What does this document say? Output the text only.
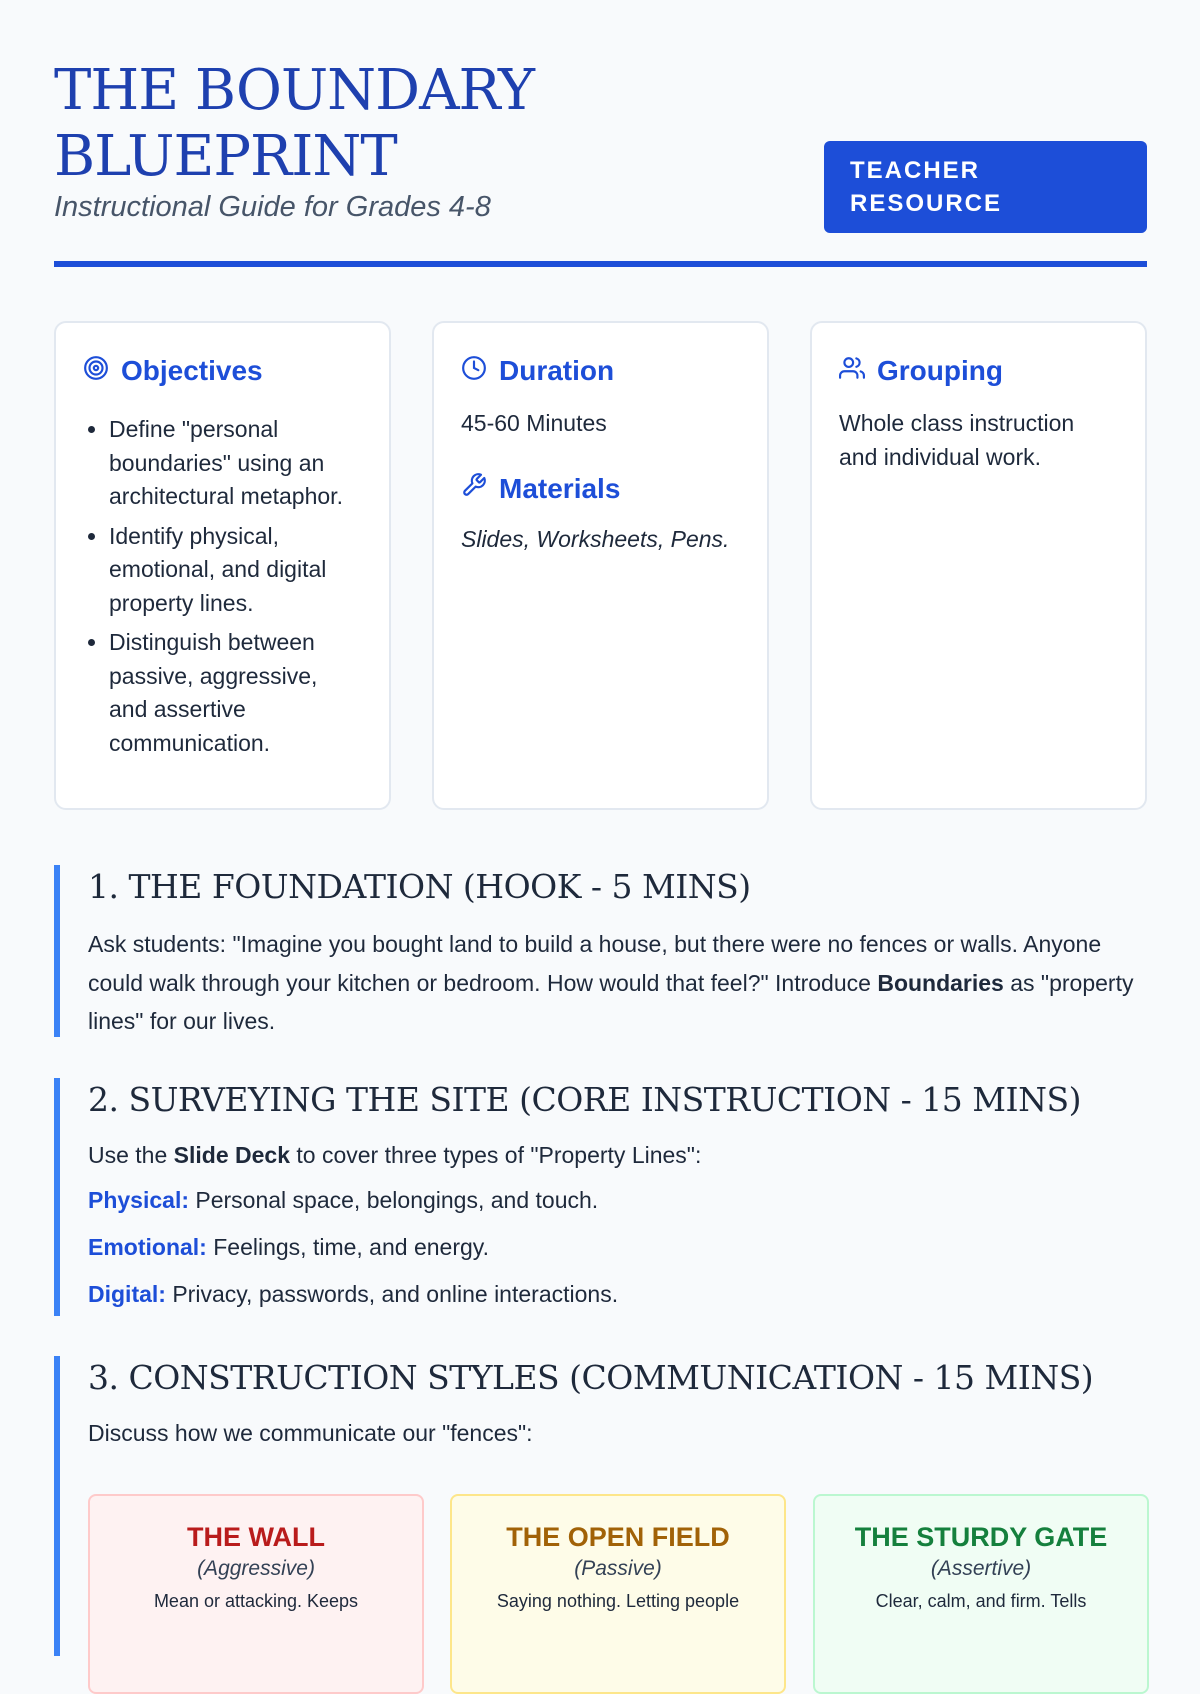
THE BOUNDARY BLUEPRINT
Instructional Guide for Grades 4-8
TEACHER RESOURCE
Objectives
• Define "personal boundaries" using an architectural metaphor.
• Identify physical, emotional, and digital property lines.
• Distinguish between passive, aggressive, and assertive communication.
Duration

45-60 Minutes

Materials

Slides, Worksheets, Pens.

Grouping

Whole class instruction and individual work.

1. THE FOUNDATION (HOOK - 5 MINS)

Ask students: "Imagine you bought land to build a house, but there were no fences or walls. Anyone could walk through your kitchen or bedroom. How would that feel?" Introduce Boundaries as "property lines" for our lives.

2. SURVEYING THE SITE (CORE INSTRUCTION - 15 MINS)

Use the Slide Deck to cover three types of "Property Lines":

Physical: Personal space, belongings, and touch.
Emotional: Feelings, time, and energy.
Digital: Privacy, passwords, and online interactions.
3. CONSTRUCTION STYLES (COMMUNICATION - 15 MINS)

Discuss how we communicate our "fences":

THE WALL
(Aggressive)
Mean or attacking. Keeps
THE OPEN FIELD
(Passive)
Saying nothing. Letting people
THE STURDY GATE
(Assertive)
Clear, calm, and firm. Tells
